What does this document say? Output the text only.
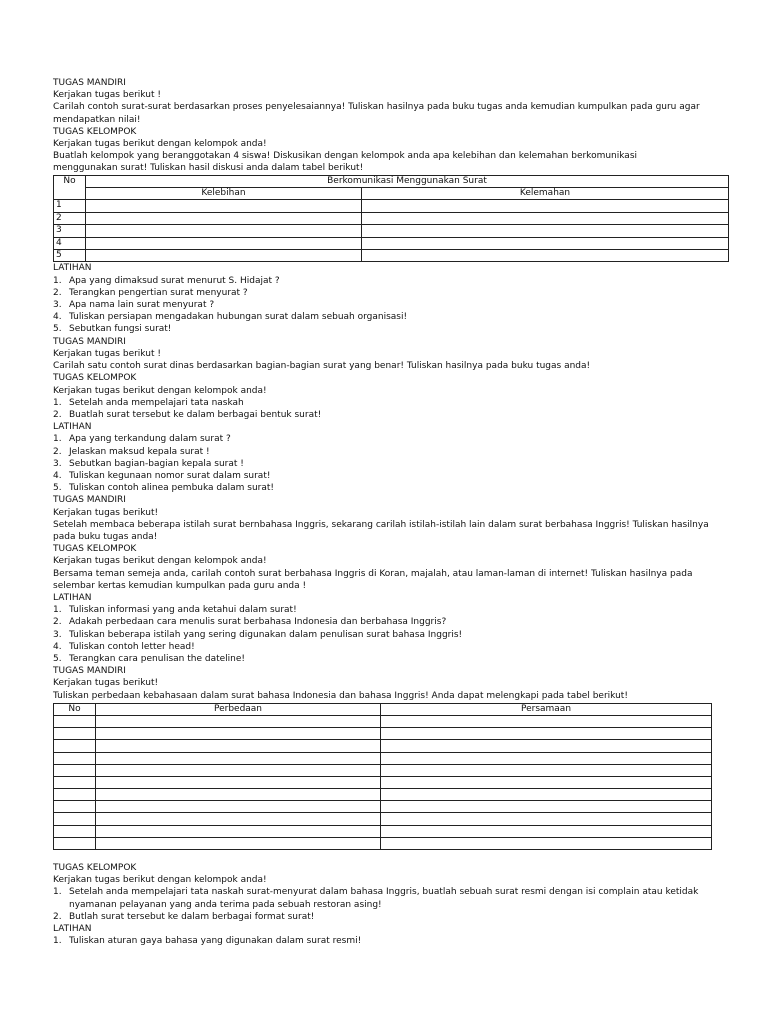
TUGAS MANDIRI
Kerjakan tugas berikut !
Carilah contoh surat-surat berdasarkan proses penyelesaiannya! Tuliskan hasilnya pada buku tugas anda kemudian kumpulkan pada guru agar
mendapatkan nilai!
TUGAS KELOMPOK
Kerjakan tugas berikut dengan kelompok anda!
Buatlah kelompok yang beranggotakan 4 siswa! Diskusikan dengan kelompok anda apa kelebihan dan kelemahan berkomunikasi
menggunakan surat! Tuliskan hasil diskusi anda dalam tabel berikut!
No	Berkomunikasi Menggunakan Surat	
	Kelebihan	Kelemahan
1		
2		
3		
4		
5		
LATIHAN
1. Apa yang dimaksud surat menurut S. Hidajat ?
2. Terangkan pengertian surat menyurat ?
3. Apa nama lain surat menyurat ?
4. Tuliskan persiapan mengadakan hubungan surat dalam sebuah organisasi!
5. Sebutkan fungsi surat!
TUGAS MANDIRI
Kerjakan tugas berikut !
Carilah satu contoh surat dinas berdasarkan bagian-bagian surat yang benar! Tuliskan hasilnya pada buku tugas anda!
TUGAS KELOMPOK
Kerjakan tugas berikut dengan kelompok anda!
1. Setelah anda mempelajari tata naskah
2. Buatlah surat tersebut ke dalam berbagai bentuk surat!
LATIHAN
1. Apa yang terkandung dalam surat ?
2. Jelaskan maksud kepala surat !
3. Sebutkan bagian-bagian kepala surat !
4. Tuliskan kegunaan nomor surat dalam surat!
5. Tuliskan contoh alinea pembuka dalam surat!
TUGAS MANDIRI
Kerjakan tugas berikut!
Setelah membaca beberapa istilah surat bernbahasa Inggris, sekarang carilah istilah-istilah lain dalam surat berbahasa Inggris! Tuliskan hasilnya
pada buku tugas anda!
TUGAS KELOMPOK
Kerjakan tugas berikut dengan kelompok anda!
Bersama teman semeja anda, carilah contoh surat berbahasa Inggris di Koran, majalah, atau laman-laman di internet! Tuliskan hasilnya pada
selembar kertas kemudian kumpulkan pada guru anda !
LATIHAN
1. Tuliskan informasi yang anda ketahui dalam surat!
2. Adakah perbedaan cara menulis surat berbahasa Indonesia dan berbahasa Inggris?
3. Tuliskan beberapa istilah yang sering digunakan dalam penulisan surat bahasa Inggris!
4. Tuliskan contoh letter head!
5. Terangkan cara penulisan the dateline!
TUGAS MANDIRI
Kerjakan tugas berikut!
Tuliskan perbedaan kebahasaan dalam surat bahasa Indonesia dan bahasa Inggris! Anda dapat melengkapi pada tabel berikut!
No	Perbedaan	Persamaan

TUGAS KELOMPOK
Kerjakan tugas berikut dengan kelompok anda!
1. Setelah anda mempelajari tata naskah surat-menyurat dalam bahasa Inggris, buatlah sebuah surat resmi dengan isi complain atau ketidak
nyamanan pelayanan yang anda terima pada sebuah restoran asing!
2. Butlah surat tersebut ke dalam berbagai format surat!
LATIHAN
1. Tuliskan aturan gaya bahasa yang digunakan dalam surat resmi!
